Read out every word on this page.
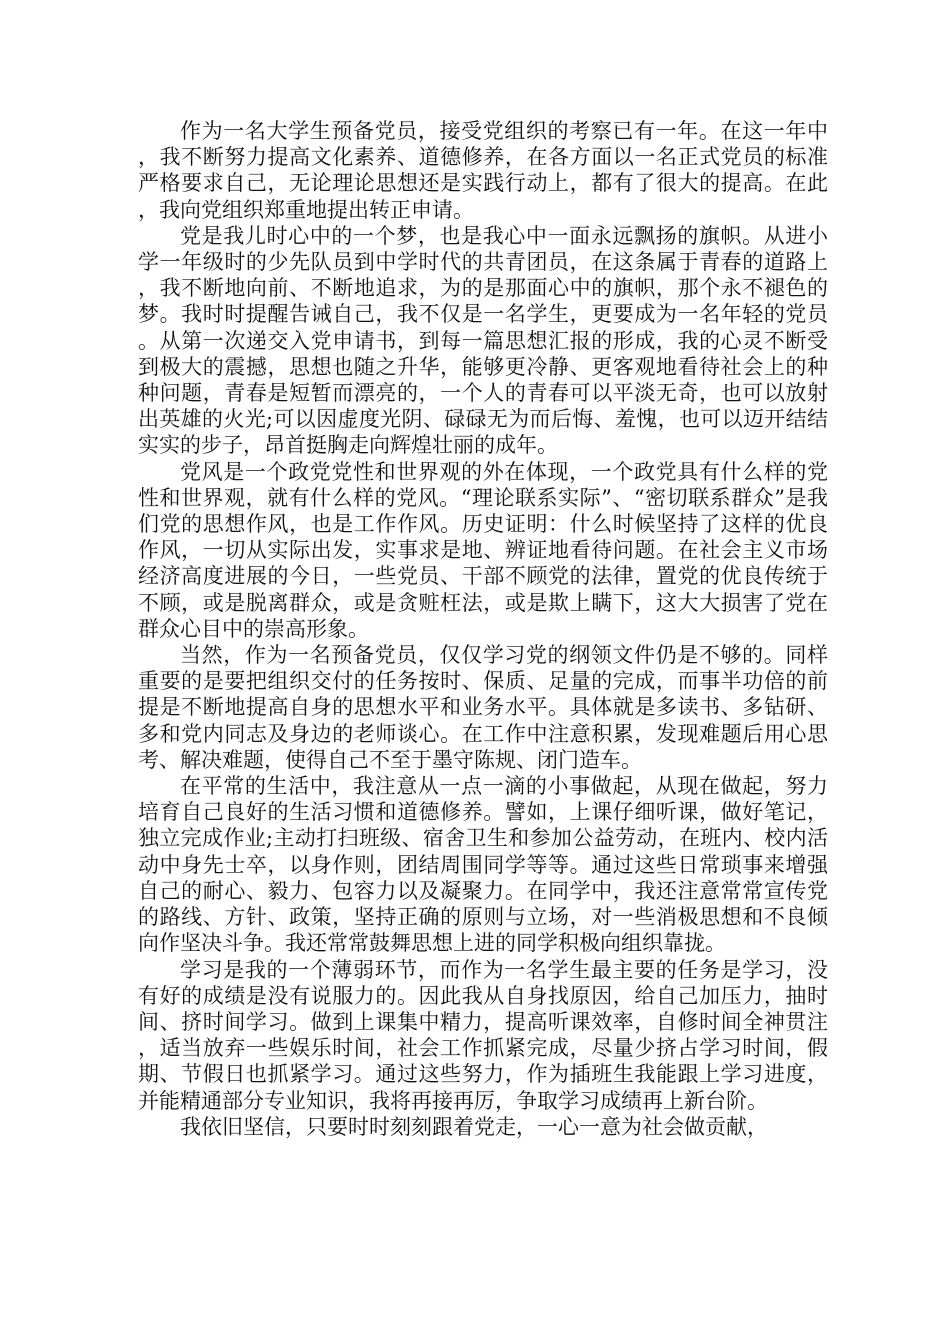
作为一名大学生预备党员，接受党组织的考察已有一年。在这一年中，我不断努力提高文化素养、道德修养，在各方面以一名正式党员的标准严格要求自己，无论理论思想还是实践行动上，都有了很大的提高。在此，我向党组织郑重地提出转正申请。

党是我儿时心中的一个梦，也是我心中一面永远飘扬的旗帜。从进小学一年级时的少先队员到中学时代的共青团员，在这条属于青春的道路上，我不断地向前、不断地追求，为的是那面心中的旗帜，那个永不褪色的梦。我时时提醒告诫自己，我不仅是一名学生，更要成为一名年轻的党员。从第一次递交入党申请书，到每一篇思想汇报的形成，我的心灵不断受到极大的震撼，思想也随之升华，能够更冷静、更客观地看待社会上的种种问题，青春是短暂而漂亮的，一个人的青春可以平淡无奇，也可以放射出英雄的火光;可以因虚度光阴、碌碌无为而后悔、羞愧，也可以迈开结结实实的步子，昂首挺胸走向辉煌壮丽的成年。

党风是一个政党党性和世界观的外在体现，一个政党具有什么样的党性和世界观，就有什么样的党风。“理论联系实际”、“密切联系群众”是我们党的思想作风，也是工作作风。历史证明：什么时候坚持了这样的优良作风，一切从实际出发，实事求是地、辨证地看待问题。在社会主义市场经济高度进展的今日，一些党员、干部不顾党的法律，置党的优良传统于不顾，或是脱离群众，或是贪赃枉法，或是欺上瞒下，这大大损害了党在群众心目中的崇高形象。

当然，作为一名预备党员，仅仅学习党的纲领文件仍是不够的。同样重要的是要把组织交付的任务按时、保质、足量的完成，而事半功倍的前提是不断地提高自身的思想水平和业务水平。具体就是多读书、多钻研、多和党内同志及身边的老师谈心。在工作中注意积累，发现难题后用心思考、解决难题，使得自己不至于墨守陈规、闭门造车。

在平常的生活中，我注意从一点一滴的小事做起，从现在做起，努力培育自己良好的生活习惯和道德修养。譬如，上课仔细听课，做好笔记，独立完成作业;主动打扫班级、宿舍卫生和参加公益劳动，在班内、校内活动中身先士卒，以身作则，团结周围同学等等。通过这些日常琐事来增强自己的耐心、毅力、包容力以及凝聚力。在同学中，我还注意常常宣传党的路线、方针、政策，坚持正确的原则与立场，对一些消极思想和不良倾向作坚决斗争。我还常常鼓舞思想上进的同学积极向组织靠拢。

学习是我的一个薄弱环节，而作为一名学生最主要的任务是学习，没有好的成绩是没有说服力的。因此我从自身找原因，给自己加压力，抽时间、挤时间学习。做到上课集中精力，提高听课效率，自修时间全神贯注，适当放弃一些娱乐时间，社会工作抓紧完成，尽量少挤占学习时间，假期、节假日也抓紧学习。通过这些努力，作为插班生我能跟上学习进度，并能精通部分专业知识，我将再接再厉，争取学习成绩再上新台阶。

我依旧坚信，只要时时刻刻跟着党走，一心一意为社会做贡献，
